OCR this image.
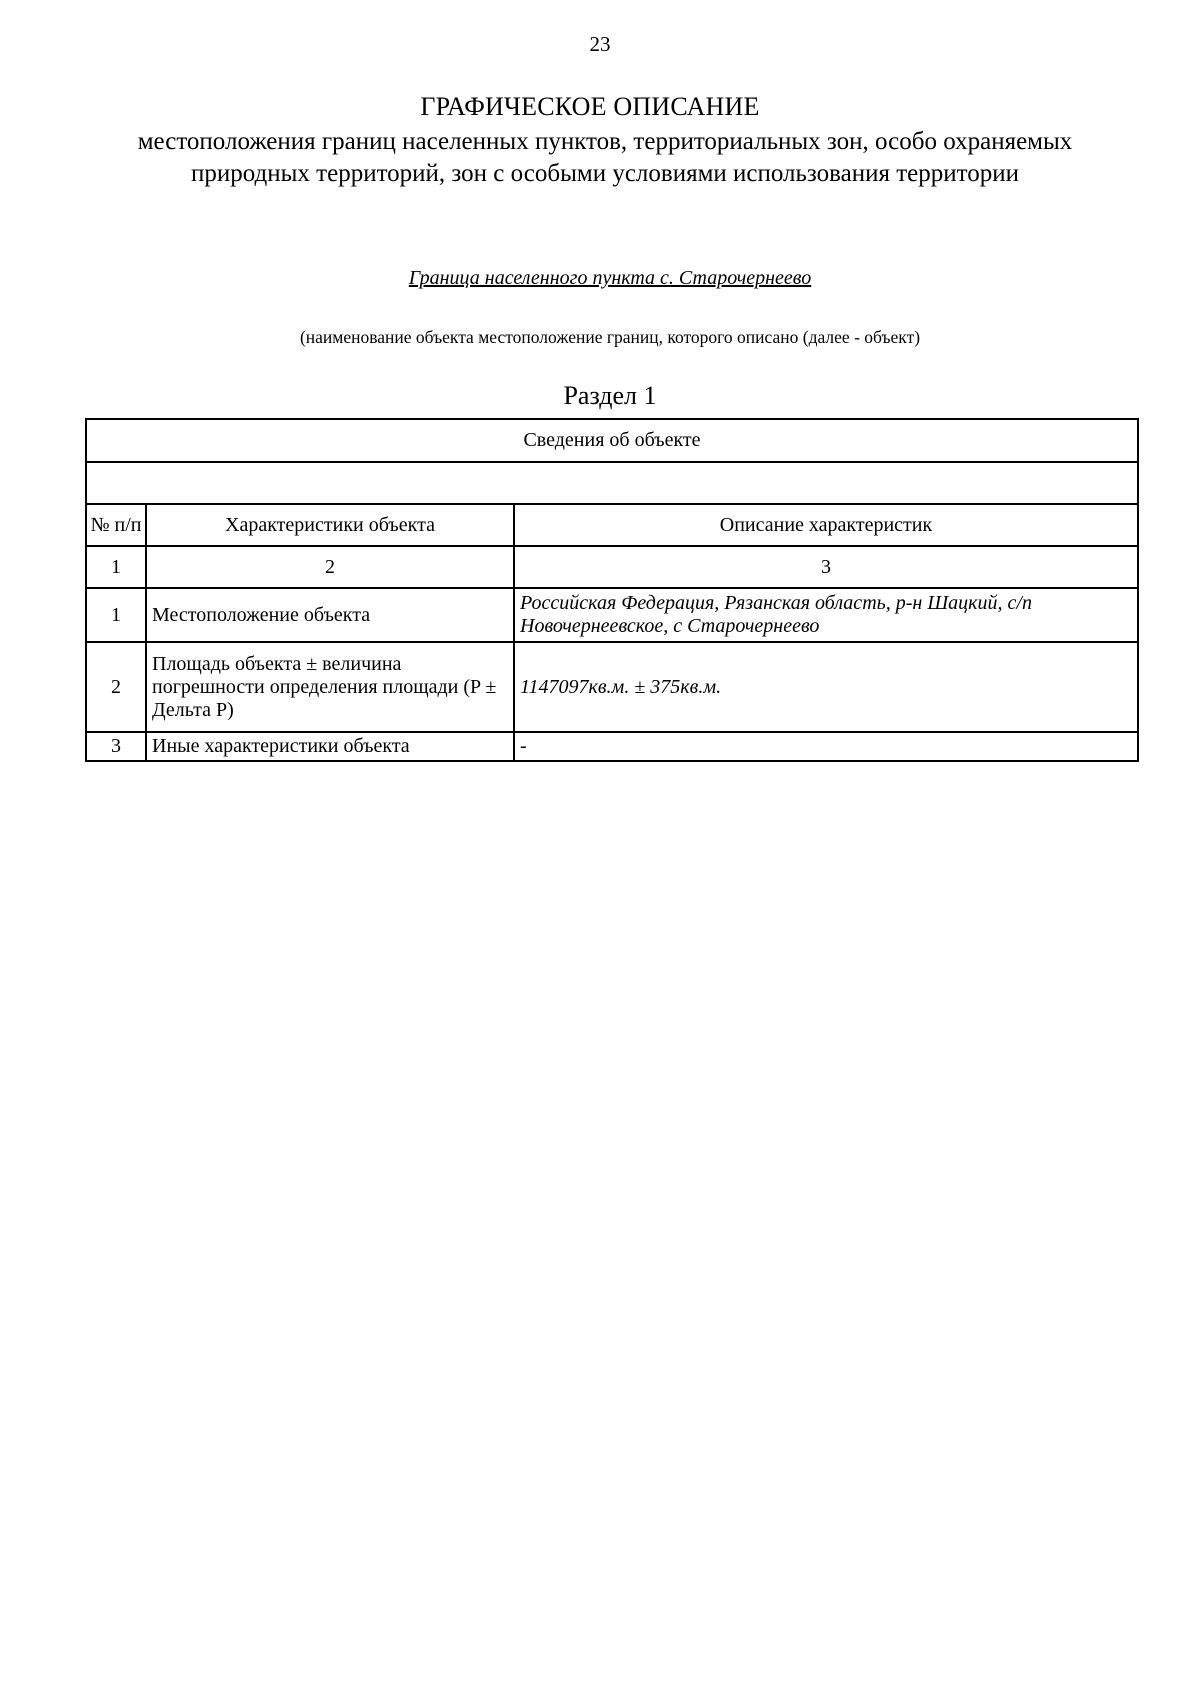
23
ГРАФИЧЕСКОЕ ОПИСАНИЕ
местоположения границ населенных пунктов, территориальных зон, особо охраняемых природных территорий, зон с особыми условиями использования территории
Граница населенного пункта с. Старочернеево
(наименование объекта местоположение границ, которого описано (далее - объект)
Раздел 1
Сведения об объекте		

№ п/п	Характеристики объекта	Описание характеристик
1	2	3
1	Местоположение объекта	Российская Федерация, Рязанская область, р-н Шацкий, с/п Новочернеевское, с Старочернеево
2	Площадь объекта ± величина погрешности определения площади (P ± Дельта P)	1147097кв.м. ± 375кв.м.
3	Иные характеристики объекта	-
